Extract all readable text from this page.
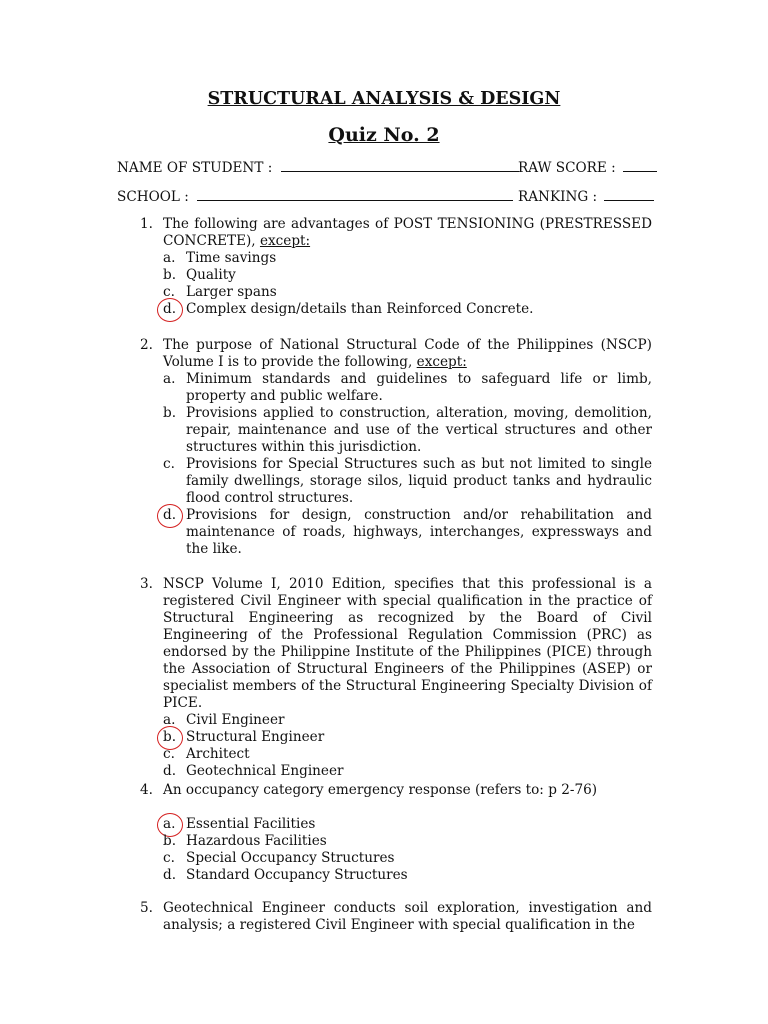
STRUCTURAL ANALYSIS & DESIGN
Quiz No. 2
NAME OF STUDENT :	RAW SCORE :
SCHOOL :	RANKING :
1. The following are advantages of POST TENSIONING (PRESTRESSED CONCRETE), except:
a. Time savings
b. Quality
c. Larger spans
d. Complex design/details than Reinforced Concrete.
2. The purpose of National Structural Code of the Philippines (NSCP) Volume I is to provide the following, except:
a. Minimum standards and guidelines to safeguard life or limb, property and public welfare.
b. Provisions applied to construction, alteration, moving, demolition, repair, maintenance and use of the vertical structures and other structures within this jurisdiction.
c. Provisions for Special Structures such as but not limited to single family dwellings, storage silos, liquid product tanks and hydraulic flood control structures.
d. Provisions for design, construction and/or rehabilitation and maintenance of roads, highways, interchanges, expressways and the like.
3. NSCP Volume I, 2010 Edition, specifies that this professional is a registered Civil Engineer with special qualification in the practice of Structural Engineering as recognized by the Board of Civil Engineering of the Professional Regulation Commission (PRC) as endorsed by the Philippine Institute of the Philippines (PICE) through the Association of Structural Engineers of the Philippines (ASEP) or specialist members of the Structural Engineering Specialty Division of PICE.
a. Civil Engineer
b. Structural Engineer
c. Architect
d. Geotechnical Engineer
4. An occupancy category emergency response (refers to: p 2-76)
a. Essential Facilities
b. Hazardous Facilities
c. Special Occupancy Structures
d. Standard Occupancy Structures
5. Geotechnical Engineer conducts soil exploration, investigation and analysis; a registered Civil Engineer with special qualification in the
